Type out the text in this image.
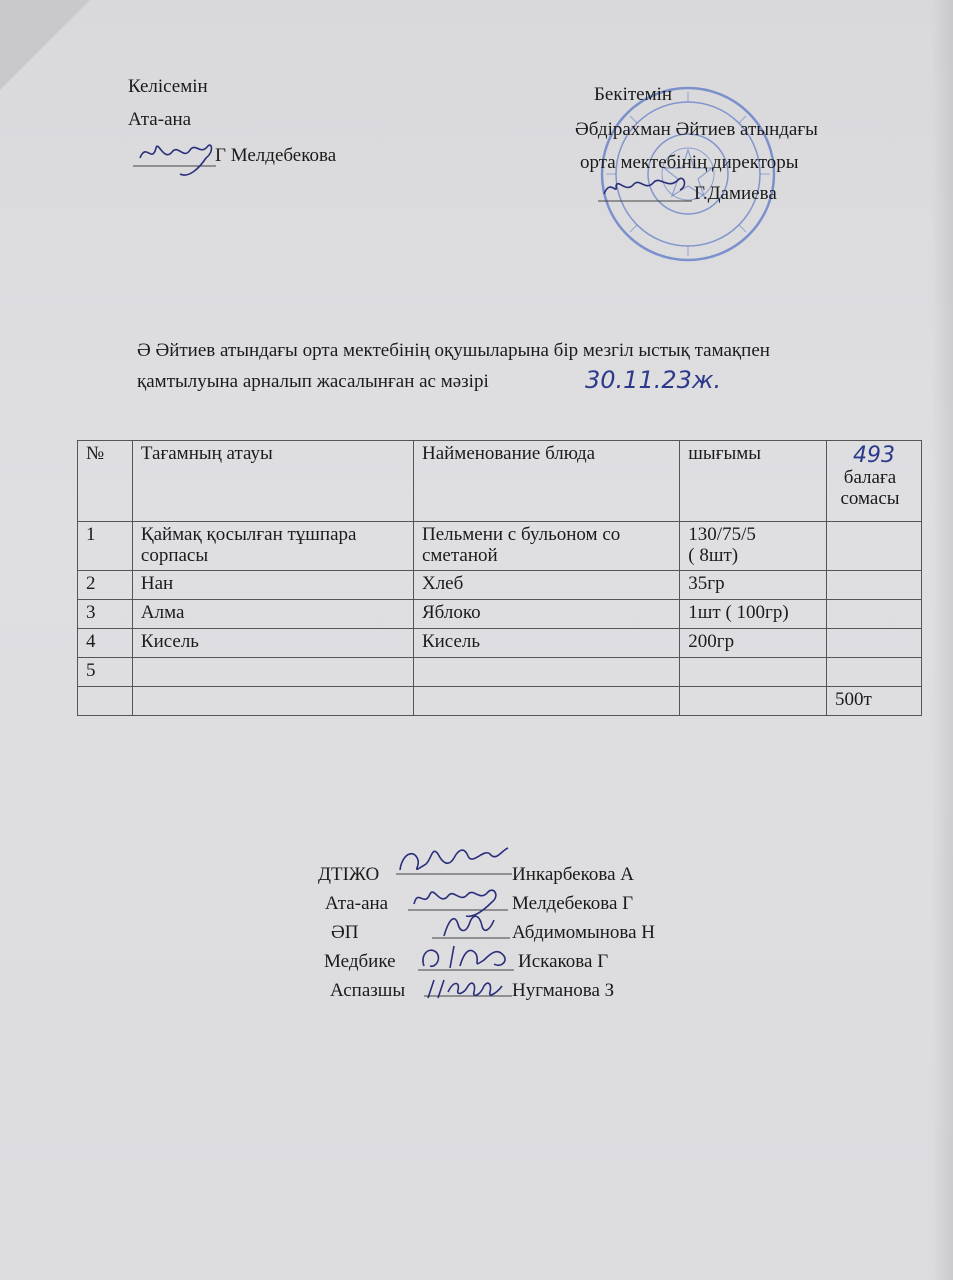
Келісемін
Ата-ана
Г Мелдебекова
Бекітемін
Әбдірахман Әйтиев атындағы
орта мектебінің директоры
Г.Дамиева
Ә Әйтиев атындағы орта мектебінің оқушыларына бір мезгіл ыстық тамақпен
қамтылуына арналып жасалынған ас мәзірі	30.11.23ж.
№	Тағамның атауы	Найменование блюда	шығымы	493
балаға сомасы

1	Қаймақ қосылған тұшпара сорпасы	Пельмени с бульоном со сметаной	130/75/5
( 8шт)	
2	Нан	Хлеб	35гр	
3	Алма	Яблоко	1шт ( 100гр)	
4	Кисель	Кисель	200гр	
5				
				500т
ДТІЖО	Инкарбекова А
Ата-ана	Мелдебекова Г
ӘП	Абдимомынова Н
Медбике	Искакова Г
Аспазшы	Нугманова З
